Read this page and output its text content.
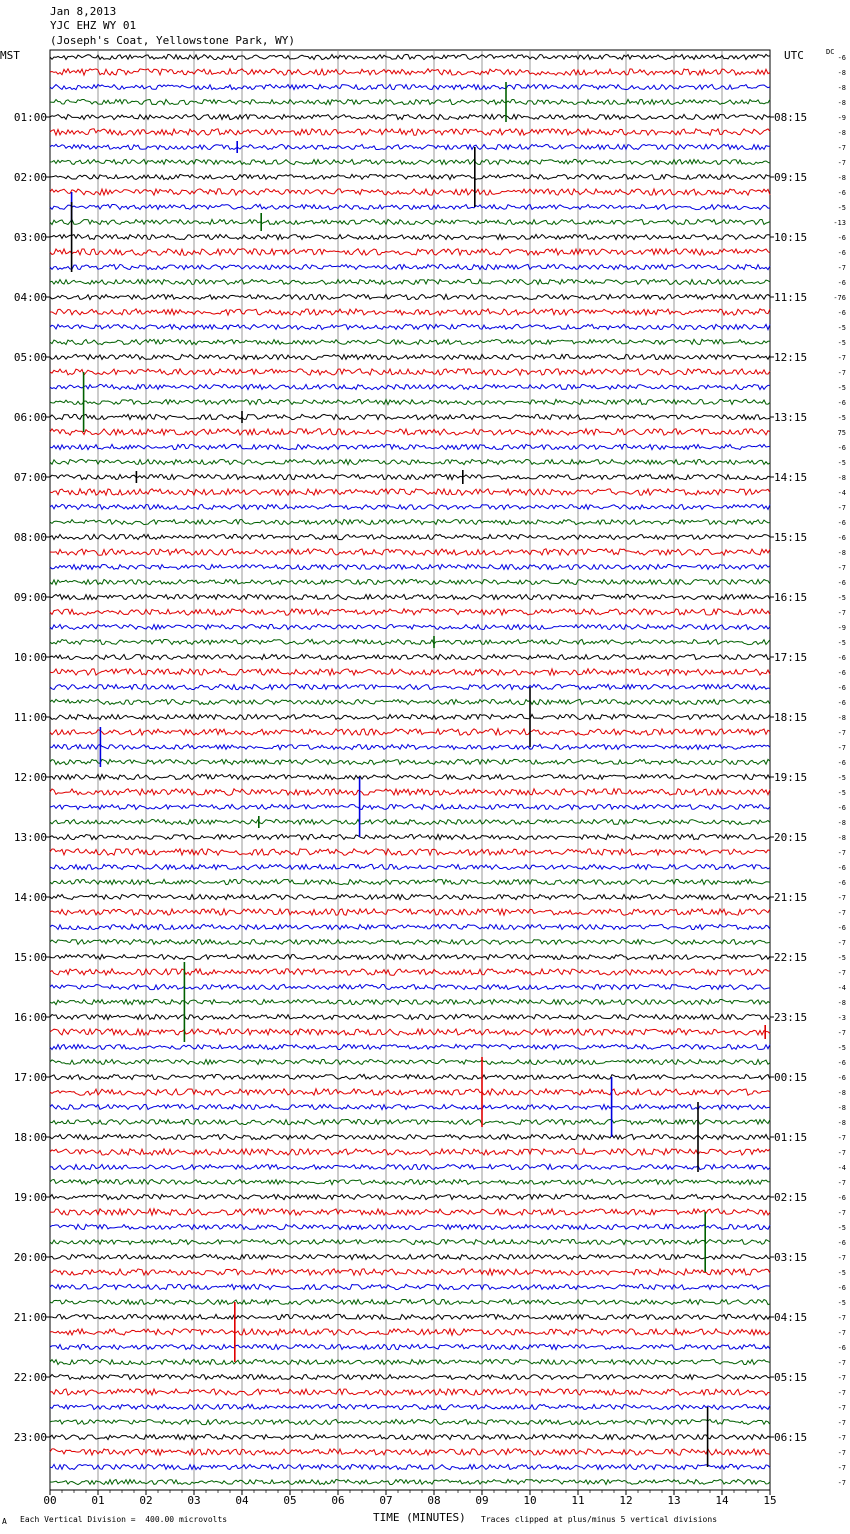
Jan 8,2013
YJC EHZ WY 01
(Joseph's Coat, Yellowstone Park, WY)
MST	UTC	DC
00	01	02	03	04	05	06	07	08	09	10	11	12	13	14	15
-6
-8
-8
-8
-9
-8
-7
-7
-8
-6
-5
-13
-6
-6
-7
-6
-76
-6
-5
-5
-7
-7
-5
-6
-5
75
-6
-5
-8
-4
-7
-6
-6
-8
-7
-6
-5
-7
-9
-5
-6
-6
-6
-6
-8
-7
-7
-6
-5
-5
-6
-8
-8
-7
-6
-6
-7
-7
-6
-7
-5
-7
-4
-8
-3
-7
-5
-6
-6
-8
-8
-8
-7
-7
-4
-7
-6
-7
-5
-6
-7
-5
-6
-5
-7
-7
-6
-7
-7
-7
-7
-7
-7
-7
-7
-7
01:00
02:00
03:00
04:00
05:00
06:00
07:00
08:00
09:00
10:00
11:00
12:00
13:00
14:00
15:00
16:00
17:00
18:00
19:00
20:00
21:00
22:00
23:00
08:15
09:15
10:15
11:15
12:15
13:15
14:15
15:15
16:15
17:15
18:15
19:15
20:15
21:15
22:15
23:15
00:15
01:15
02:15
03:15
04:15
05:15
06:15
A Each Vertical Division =  400.00 microvolts	TIME (MINUTES) Traces clipped at plus/minus 5 vertical divisions
